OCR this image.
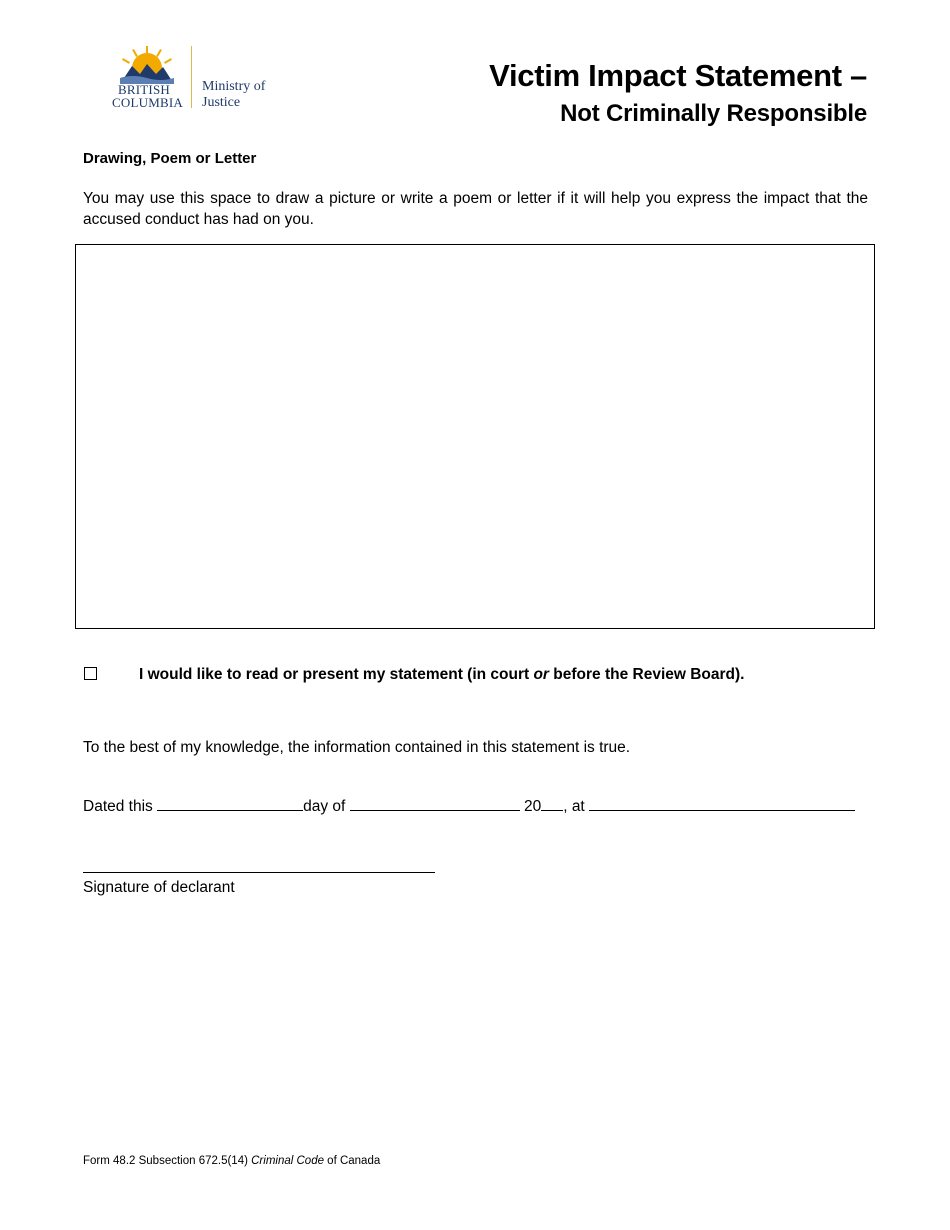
BRITISH
COLUMBIA
Ministry of
Justice
Victim Impact Statement –
Not Criminally Responsible
Drawing, Poem or Letter
You may use this space to draw a picture or write a poem or letter if it will help you express the impact that the accused conduct has had on you.
I would like to read or present my statement (in court or before the Review Board).
To the best of my knowledge, the information contained in this statement is true.
Dated this	day of	20 , at
Signature of declarant
Form 48.2 Subsection 672.5(14) Criminal Code of Canada
